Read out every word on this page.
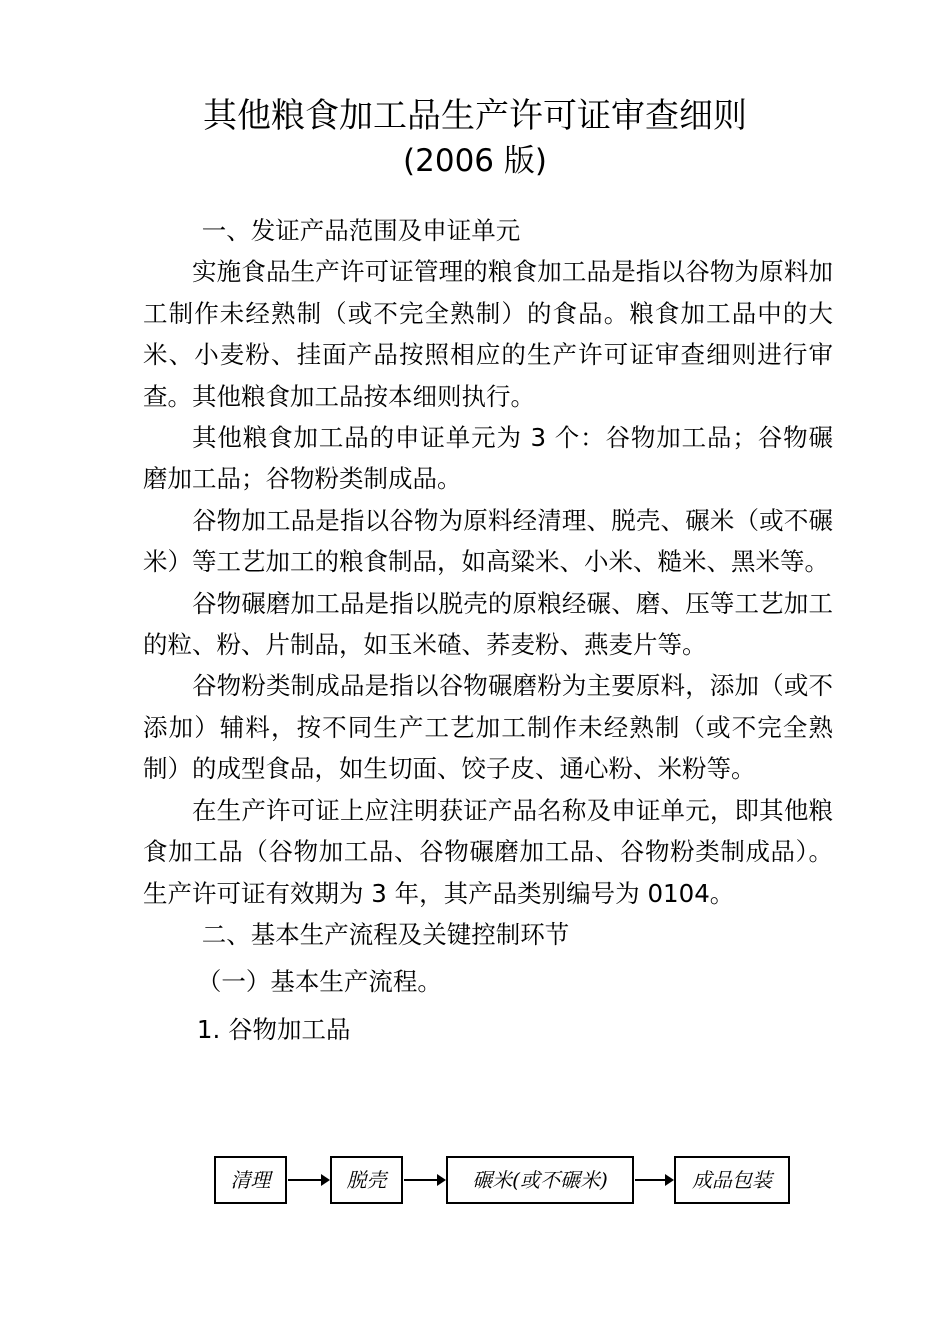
其他粮食加工品生产许可证审查细则
(2006 版)

一、发证产品范围及申证单元

实施食品生产许可证管理的粮食加工品是指以谷物为原料加工制作未经熟制（或不完全熟制）的食品。粮食加工品中的大米、小麦粉、挂面产品按照相应的生产许可证审查细则进行审查。其他粮食加工品按本细则执行。

其他粮食加工品的申证单元为 3 个：谷物加工品；谷物碾磨加工品；谷物粉类制成品。

谷物加工品是指以谷物为原料经清理、脱壳、碾米（或不碾米）等工艺加工的粮食制品，如高粱米、小米、糙米、黑米等。

谷物碾磨加工品是指以脱壳的原粮经碾、磨、压等工艺加工的粒、粉、片制品，如玉米碴、荞麦粉、燕麦片等。

谷物粉类制成品是指以谷物碾磨粉为主要原料，添加（或不添加）辅料，按不同生产工艺加工制作未经熟制（或不完全熟制）的成型食品，如生切面、饺子皮、通心粉、米粉等。

在生产许可证上应注明获证产品名称及申证单元，即其他粮食加工品（谷物加工品、谷物碾磨加工品、谷物粉类制成品）。生产许可证有效期为 3 年，其产品类别编号为 0104。

二、基本生产流程及关键控制环节

（一）基本生产流程。

1. 谷物加工品

清理	脱壳	碾米(或不碾米)	成品包装
